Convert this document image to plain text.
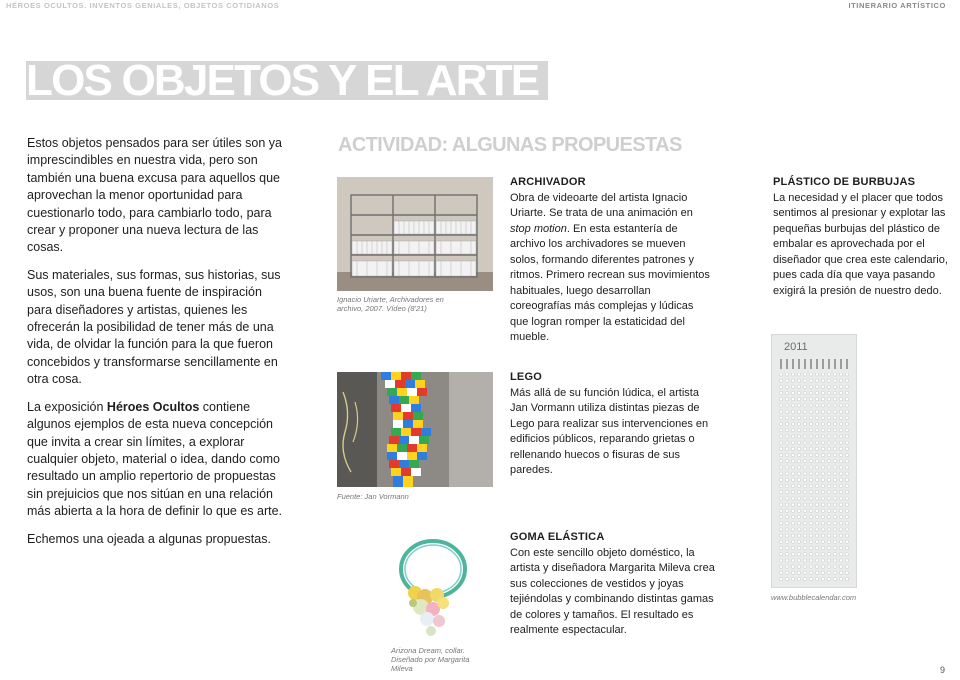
HÉROES OCULTOS. INVENTOS GENIALES, OBJETOS COTIDIANOS	ITINERARIO ARTÍSTICO
LOS OBJETOS Y EL ARTE

Estos objetos pensados para ser útiles son ya imprescindibles en nuestra vida, pero son también una buena excusa para aquellos que aprovechan la menor oportunidad para cuestionarlo todo, para cambiarlo todo, para crear y proponer una nueva lectura de las cosas.

Sus materiales, sus formas, sus historias, sus usos, son una buena fuente de inspiración para diseñadores y artistas, quienes les ofrecerán la posibilidad de tener más de una vida, de olvidar la función para la que fueron concebidos y transformarse sencillamente en otra cosa.

La exposición Héroes Ocultos contiene algunos ejemplos de esta nueva concepción que invita a crear sin límites, a explorar cualquier objeto, material o idea, dando como resultado un amplio repertorio de propuestas sin prejuicios que nos sitúan en una relación más abierta a la hora de definir lo que es arte.

Echemos una ojeada a algunas propuestas.

ACTIVIDAD: ALGUNAS PROPUESTAS
Ignacio Uriarte, Archivadores en archivo, 2007. Vídeo (8'21)
ARCHIVADOR
Obra de videoarte del artista Ignacio Uriarte. Se trata de una animación en stop motion. En esta estantería de archivo los archivadores se mueven solos, formando diferentes patrones y ritmos. Primero recrean sus movimientos habituales, luego desarrollan coreografías más complejas y lúdicas que logran romper la estaticidad del mueble.
Fuente: Jan Vormann
LEGO
Más allá de su función lúdica, el artista Jan Vormann utiliza distintas piezas de Lego para realizar sus intervenciones en edificios públicos, reparando grietas o rellenando huecos o fisuras de sus paredes.
Arizona Dream, collar. Diseñado por Margarita Mileva
GOMA ELÁSTICA
Con este sencillo objeto doméstico, la artista y diseñadora Margarita Mileva crea sus colecciones de vestidos y joyas tejiéndolas y combinando distintas gamas de colores y tamaños. El resultado es realmente espectacular.
PLÁSTICO DE BURBUJAS
La necesidad y el placer que todos sentimos al presionar y explotar las pequeñas burbujas del plástico de embalar es aprovechada por el diseñador que crea este calendario, pues cada día que vaya pasando exigirá la presión de nuestro dedo.
2011
www.bubblecalendar.com
9
